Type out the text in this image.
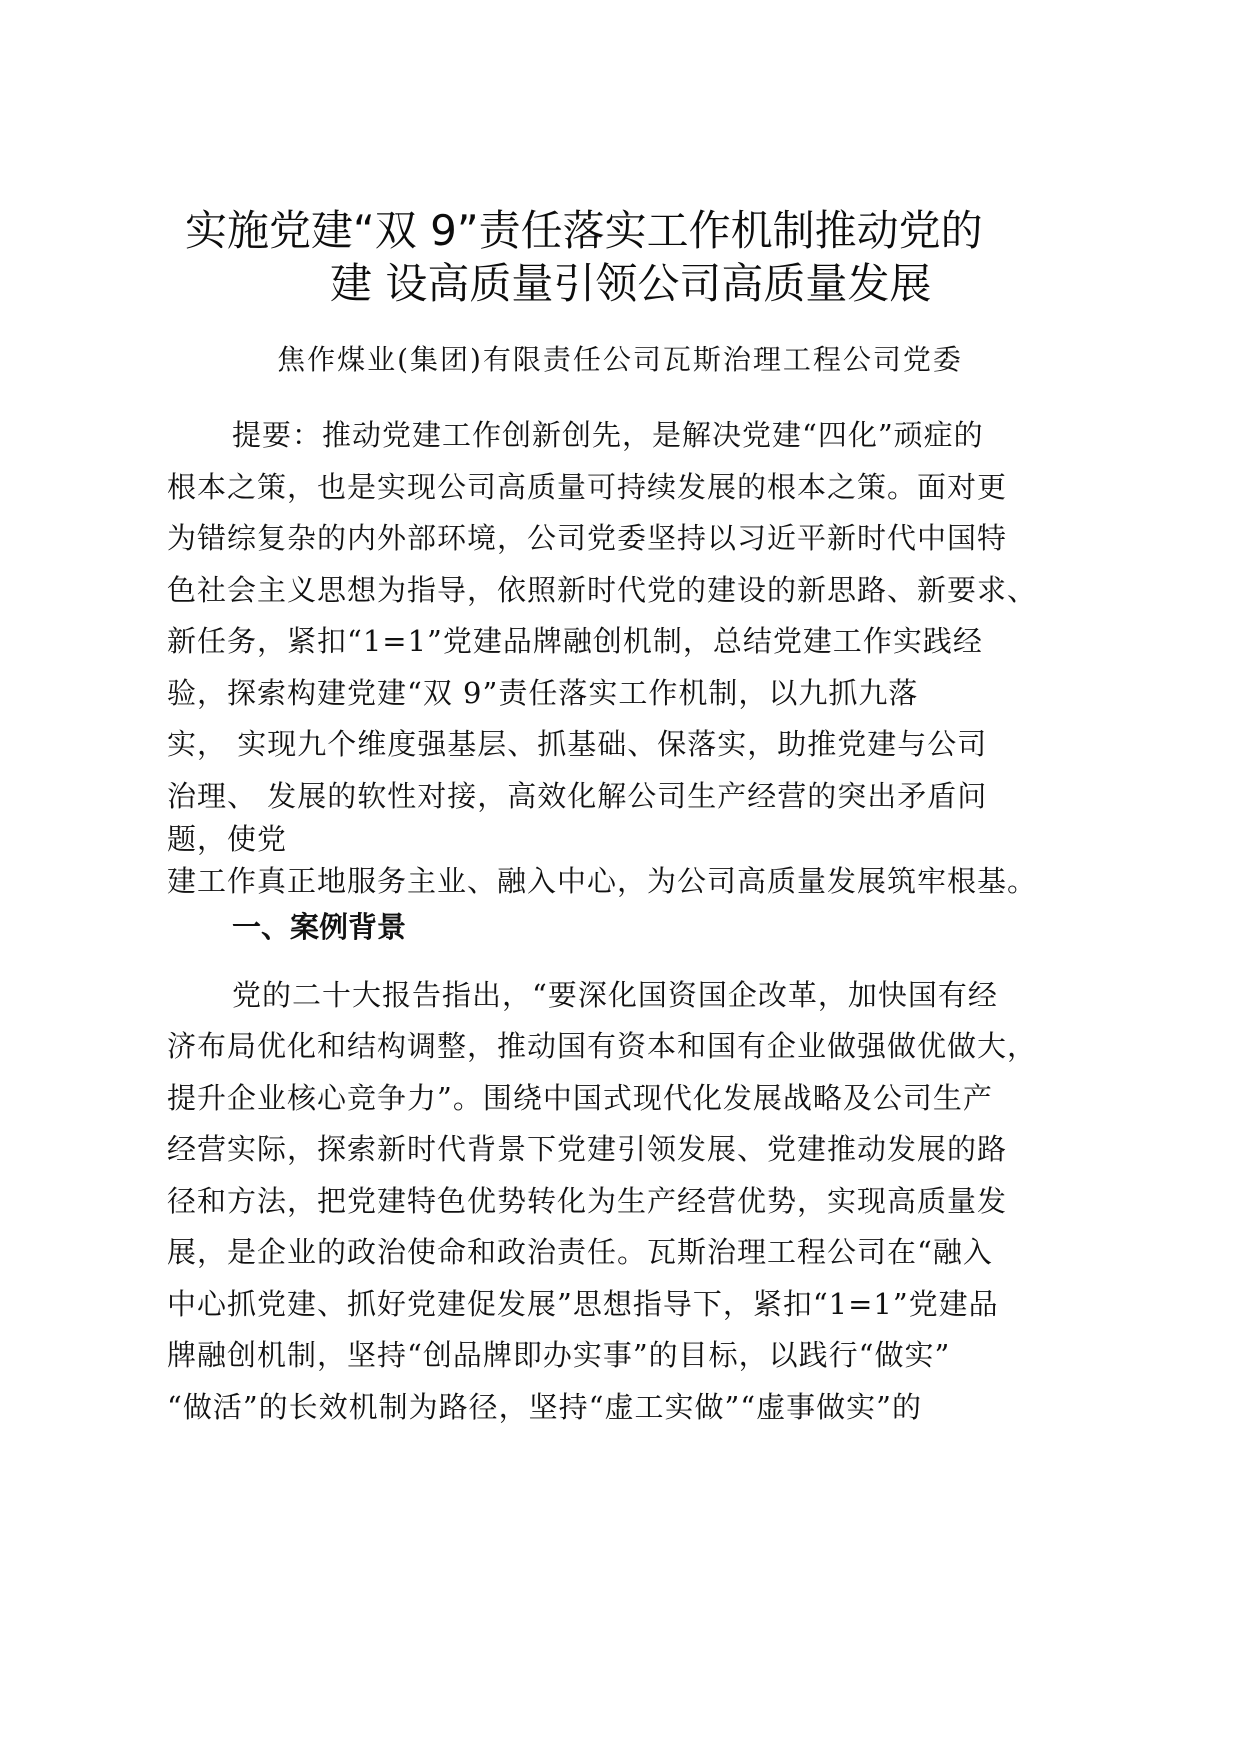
实施党建“双 9”责任落实工作机制推动党的
建 设高质量引领公司高质量发展
焦作煤业(集团)有限责任公司瓦斯治理工程公司党委
提要：推动党建工作创新创先，是解决党建“四化”顽症的
根本之策，也是实现公司高质量可持续发展的根本之策。面对更
为错综复杂的内外部环境，公司党委坚持以习近平新时代中国特
色社会主义思想为指导，依照新时代党的建设的新思路、新要求、
新任务，紧扣“1=1”党建品牌融创机制，总结党建工作实践经
验，探索构建党建“双 9”责任落实工作机制，以九抓九落
实， 实现九个维度强基层、抓基础、保落实，助推党建与公司
治理、 发展的软性对接，高效化解公司生产经营的突出矛盾问
题，使党
建工作真正地服务主业、融入中心，为公司高质量发展筑牢根基。
一、案例背景
党的二十大报告指出，“要深化国资国企改革，加快国有经
济布局优化和结构调整，推动国有资本和国有企业做强做优做大，
提升企业核心竞争力”。围绕中国式现代化发展战略及公司生产
经营实际，探索新时代背景下党建引领发展、党建推动发展的路
径和方法，把党建特色优势转化为生产经营优势，实现高质量发
展，是企业的政治使命和政治责任。瓦斯治理工程公司在“融入
中心抓党建、抓好党建促发展”思想指导下，紧扣“1=1”党建品
牌融创机制，坚持“创品牌即办实事”的目标，以践行“做实”
“做活”的长效机制为路径，坚持“虚工实做”“虚事做实”的
